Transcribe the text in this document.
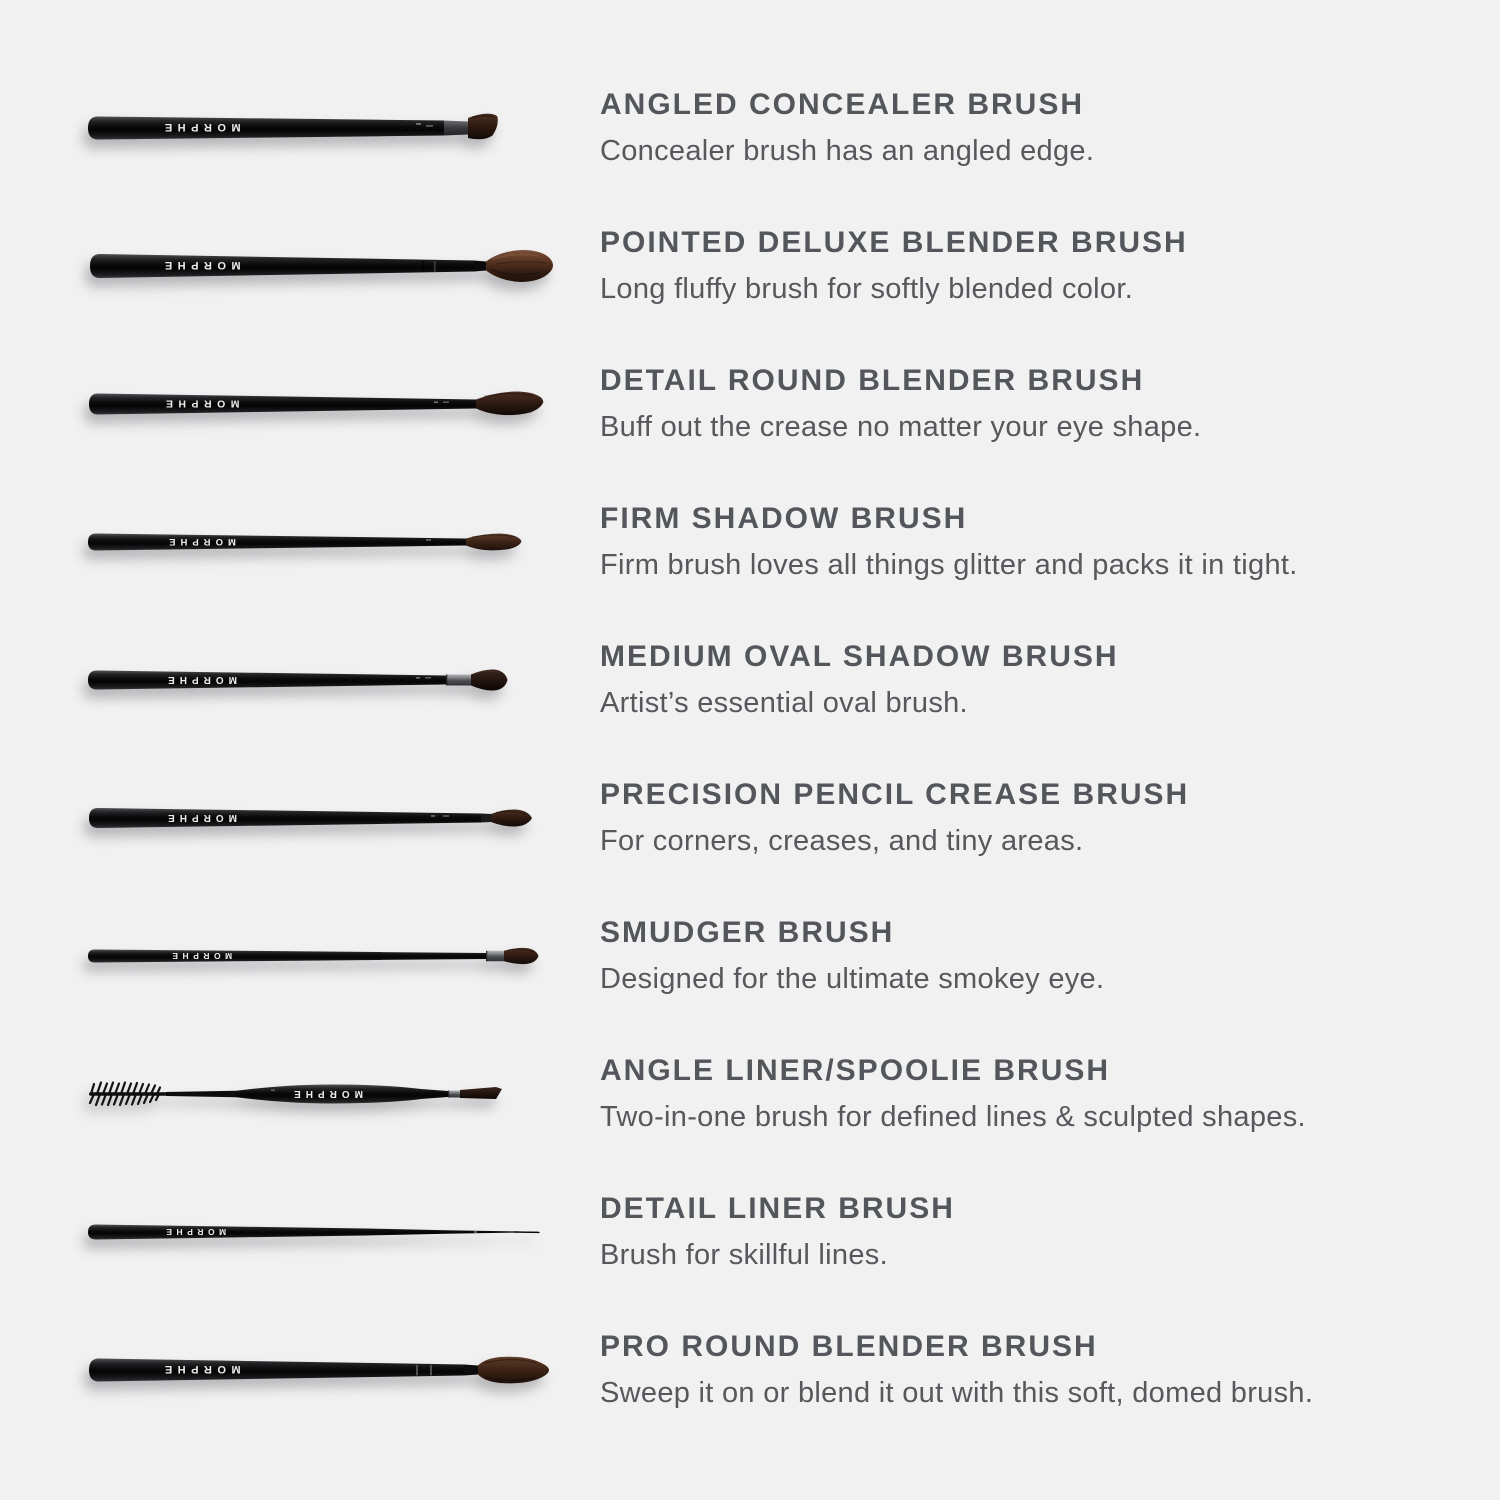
MORPHE
ANGLED CONCEALER BRUSH

Concealer brush has an angled edge.

MORPHE
POINTED DELUXE BLENDER BRUSH

Long fluffy brush for softly blended color.

MORPHE
DETAIL ROUND BLENDER BRUSH

Buff out the crease no matter your eye shape.

MORPHE
FIRM SHADOW BRUSH

Firm brush loves all things glitter and packs it in tight.

MORPHE
MEDIUM OVAL SHADOW BRUSH

Artist’s essential oval brush.

MORPHE
PRECISION PENCIL CREASE BRUSH

For corners, creases, and tiny areas.

MORPHE
SMUDGER BRUSH

Designed for the ultimate smokey eye.

MORPHE
ANGLE LINER/SPOOLIE BRUSH

Two-in-one brush for defined lines & sculpted shapes.

MORPHE
DETAIL LINER BRUSH

Brush for skillful lines.

MORPHE
PRO ROUND BLENDER BRUSH

Sweep it on or blend it out with this soft, domed brush.
